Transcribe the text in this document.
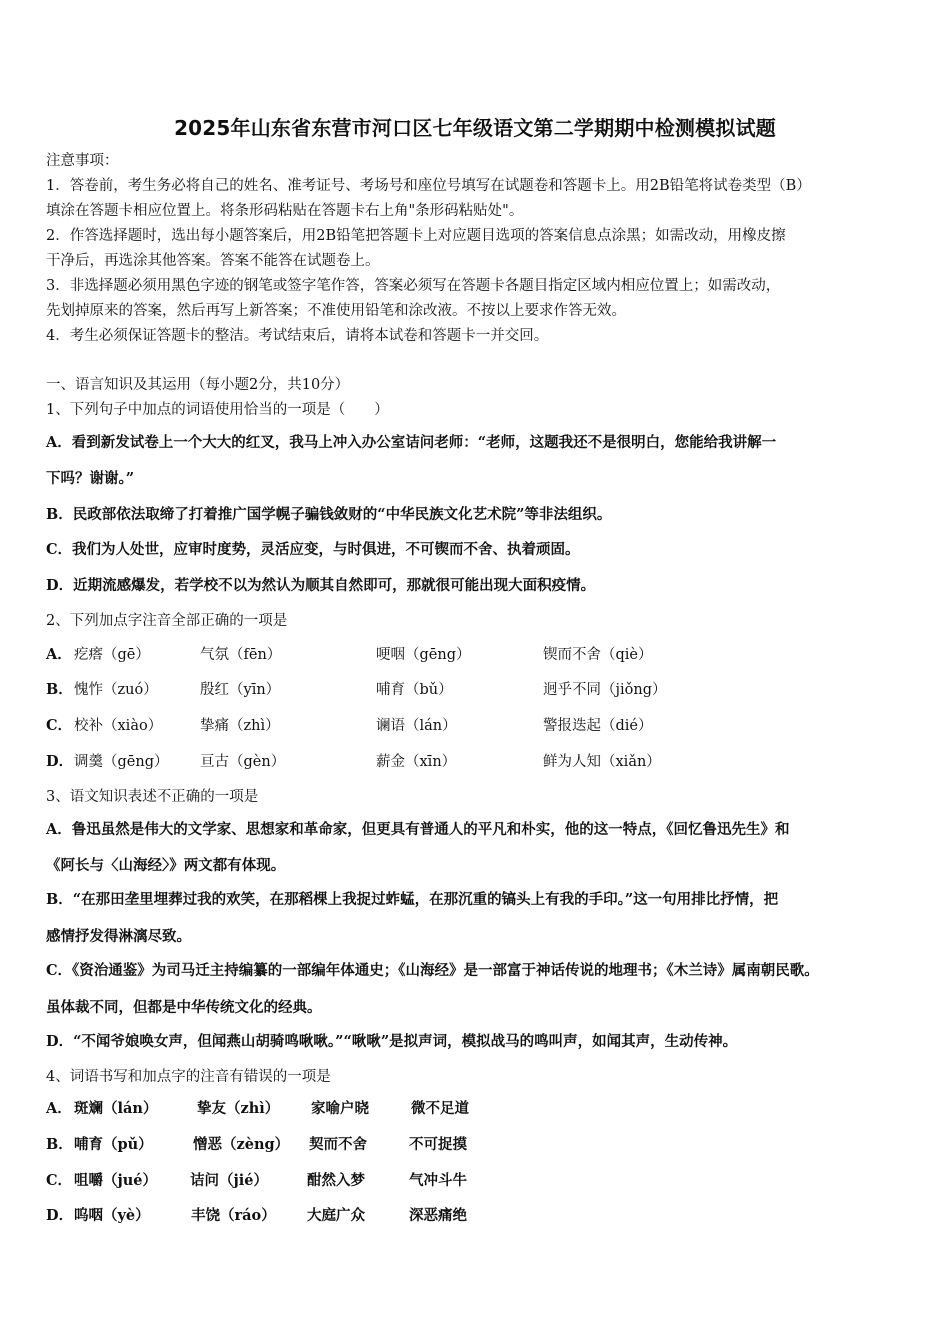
2025年山东省东营市河口区七年级语文第二学期期中检测模拟试题
注意事项：
1．答卷前，考生务必将自己的姓名、准考证号、考场号和座位号填写在试题卷和答题卡上。用2B铅笔将试卷类型（B）
填涂在答题卡相应位置上。将条形码粘贴在答题卡右上角"条形码粘贴处"。
2．作答选择题时，选出每小题答案后，用2B铅笔把答题卡上对应题目选项的答案信息点涂黑；如需改动，用橡皮擦
干净后，再选涂其他答案。答案不能答在试题卷上。
3．非选择题必须用黑色字迹的钢笔或签字笔作答，答案必须写在答题卡各题目指定区域内相应位置上；如需改动，
先划掉原来的答案，然后再写上新答案；不准使用铅笔和涂改液。不按以上要求作答无效。
4．考生必须保证答题卡的整洁。考试结束后，请将本试卷和答题卡一并交回。
一、语言知识及其运用（每小题2分，共10分）
1、下列句子中加点的词语使用恰当的一项是（　　）
A．看到新发试卷上一个大大的红叉，我马上冲入办公室诘问老师：“老师，这题我还不是很明白，您能给我讲解一
下吗？谢谢。”
B．民政部依法取缔了打着推广国学幌子骗钱敛财的“中华民族文化艺术院”等非法组织。
C．我们为人处世，应审时度势，灵活应变，与时俱进，不可锲而不舍、执着顽固。
D．近期流感爆发，若学校不以为然认为顺其自然即可，那就很可能出现大面积疫情。
2、下列加点字注音全部正确的一项是
A． 疙瘩（gē）	气氛（fēn）	哽咽（gēng）	锲而不舍（qiè）
B．愧怍（zuó）	殷红（yīn）	哺育（bǔ）	迥乎不同（jiǒng）
C． 校补（xiào）	挚痛（zhì）	谰语（lán）	警报迭起（dié）
D．调羹（gēng） 亘古（gèn）	薪金（xīn）	鲜为人知（xiǎn）
3、语文知识表述不正确的一项是
A．鲁迅虽然是伟大的文学家、思想家和革命家，但更具有普通人的平凡和朴实，他的这一特点，《回忆鲁迅先生》和
《阿长与〈山海经〉》两文都有体现。
B．“在那田垄里埋葬过我的欢笑，在那稻棵上我捉过蚱蜢，在那沉重的镐头上有我的手印。”这一句用排比抒情，把
感情抒发得淋漓尽致。
C．《资治通鉴》为司马迁主持编纂的一部编年体通史；《山海经》是一部富于神话传说的地理书；《木兰诗》属南朝民歌。
虽体裁不同，但都是中华传统文化的经典。
D．“不闻爷娘唤女声，但闻燕山胡骑鸣啾啾。”“啾啾”是拟声词，模拟战马的鸣叫声，如闻其声，生动传神。
4、词语书写和加点字的注音有错误的一项是
A． 斑斓（lán）	挚友（zhì） 家喻户晓	微不足道
B．哺育（pǔ）	憎恶（zèng） 契而不舍	不可捉摸
C． 咀嚼（jué） 诘问（jié）	酣然入梦	气冲斗牛
D．呜咽（yè）	丰饶（ráo） 大庭广众	深恶痛绝
